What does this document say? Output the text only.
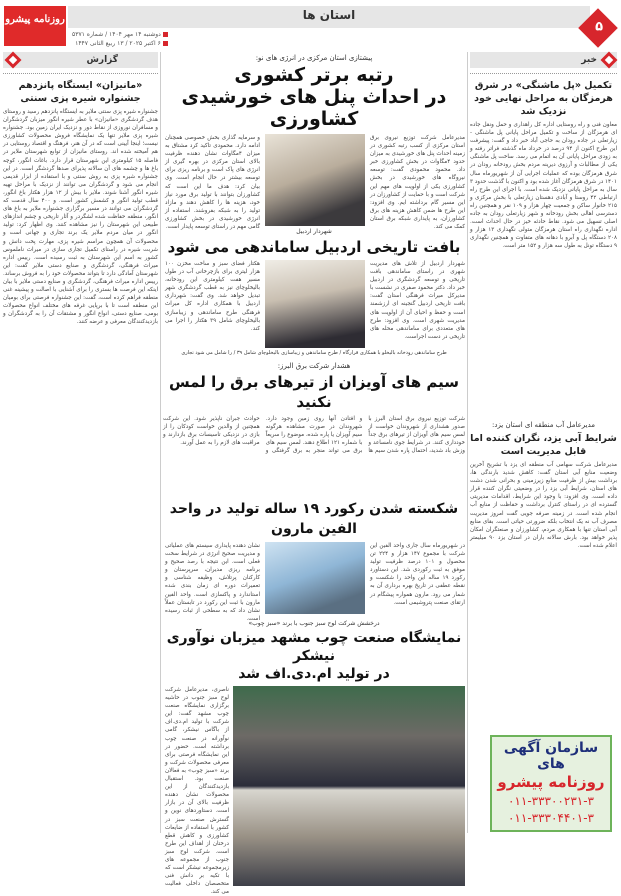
استان ها
۵
روزنامه پیشرو
دوشنبه ۱۴ مهر ۱۴۰۴ / شماره ۵۳۷۱
۶ اکتبر ۲۰۲۵ / ۱۳ ربیع الثانی ۱۴۴۷
خبر
تکمیل «پل ماشنگی» در شرق هرمزگان به مراحل نهایی خود نزدیک شد
معاون فنی و راه روستایی اداره کل راهداری و حمل ونقل جاده ای هرمزگان از ساخت و تکمیل مراحل پایانی پل ماشنگی - زیارتعلی در جاده رودان به حاجی آباد خبر داد و گفت: پیشرفت این طرح اکنون از ۹۴ درصد در خرداد ماه گذشته فراتر رفته و به زودی مراحل پایانی آن به اتمام می رسد. ساخت پل ماشنگی یکی از مطالبات و آرزوی دیرینه مردم بخش رودخانه رودان در شرق هرمزگان بوده که عملیات اجرایی آن از شهریورماه سال ۱۴۰۱ در شرق هرمزگان آغاز شده بود و اکنون با گذشت حدود ۳ سال به مراحل پایانی نزدیک شده است. با اجرای این طرح راه ارتباطی ۴۲ روستا و آبادی دهستان زیارتعلی با بخش مرکزی و ۲۱۵ خانوار ساکن و جمعیت چهار هزار و ۱۰۹ نفر و همچنین راه دسترسی اهالی بخش رودخانه و شهر زیارتعلی رودان به جاده اصلی تسهیل می شود. نقاط حادثه خیز در حال احداث است. اداره نگهداری راه استان هرمزگان متولی نگهداری ۱۳ هزار و ۲۰۸ دستگاه پل و آبرو با دهانه های متفاوت و همچنین نگهداری ۹ دستگاه تونل به طول سه هزار و ۱۵۲ متر است.
مدیرعامل آب منطقه ای استان یزد:
شرایط آبی یزد، نگران کننده اما قابل مدیریت است
مدیرعامل شرکت سهامی آب منطقه ای یزد با تشریح آخرین وضعیت منابع آبی استان گفت: کاهش شدید بارندگی ها، برداشت بیش از ظرفیت منابع زیرزمینی و بحرانی شدن دشت های استان، شرایط آبی یزد را در وضعیتی نگران کننده قرار داده است. وی افزود: با وجود این شرایط، اقدامات مدیریتی گسترده ای در راستای کنترل برداشت و حفاظت از منابع آب انجام شده است. در زمینه صرفه جویی گفت امروز مدیریت مصرف آب نه یک انتخاب بلکه ضرورتی حیاتی است. بقای منابع آبی استان تنها با همکاری مردم، کشاورزان و صنعتگران امکان پذیر خواهد بود. بارش سالانه باران در استان یزد ۹۰ میلیمتر اعلام شده است.
سازمان آگهی های
روزنامه پیشرو
۰۱۱-۳۳۳۰۰۲۳۱-۳
۰۱۱-۳۳۳۰۴۴۰۱-۳
گزارش
«مانیزان» ایستگاه پانزدهم جشنواره شیره پزی سنتی
جشنواره شیره پزی سنتی ملایر به ایستگاه پانزدهم رسید و روستای هدف گردشگری «مانیزان» با عطر شیره انگور میزبان گردشگران و مسافران نوروزی از نقاط دور و نزدیک ایران زمین بود. جشنواره شیره پزی ملایر تنها یک نمایشگاه فروش محصولات کشاورزی نیست؛ اینجا آیینی است که در آن هنر، فرهنگ و اقتصاد روستایی در هم آمیخته شده اند. روستای مانیزان از توابع شهرستان ملایر در فاصله ۱۵ کیلومتری این شهرستان قرار دارد. باغات انگور، کوچه باغ ها و چشمه های آن سالانه پذیرای صدها گردشگر است. در این جشنواره شیره پزی به روش سنتی و با استفاده از ابزار قدیمی انجام می شود و گردشگران می توانند از نزدیک با مراحل تهیه شیره انگور آشنا شوند. ملایر با بیش از ۱۲ هزار هکتار باغ انگور، قطب تولید انگور و کشمش کشور است. و ۴۰۰ سال قدمت که گردشگران می توانند در مسیر برگزاری جشنواره ملایر به باغ های انگور، منطقه حفاظت شده لشگردر و آثار تاریخی و چشم اندازهای طبیعی این شهرستان را نیز مشاهده کنند. وی اظهار کرد: تولید انگور در میان مردم ملایر یک برند تجاری و جهانی است و محصولات آن همچون مراسم شیره پزی، مهارت پخت دانش و شربت شیره در راستای تکمیل تجاری سازی در میراث ناملموس کشور به اسم این شهرستان به ثبت رسیده است. رییس اداره میراث فرهنگی، گردشگری و صنایع دستی ملایر گفت: این شهرستان آمادگی دارد تا بتواند محصولات خود را به فروش برساند. رییس اداره میراث فرهنگی، گردشگری و صنایع دستی ملایر با بیان اینکه این فرصت ها بستری را برای آشنایی با اصالت و پیشینه غنی منطقه فراهم کرده است، گفت: این جشنواره فرصتی برای بومیان این منطقه است تا با برپایی غرفه های مختلف انواع محصولات بومی، صنایع دستی، انواع انگور و مشتقات آن را به گردشگران و بازدیدکنندگان معرفی و عرضه کنند.
پیشتازی استان مرکزی در انرژی های نو:
رتبه برتر کشوری
در احداث پنل های خورشیدی کشاورزی
مدیرعامل شرکت توزیع نیروی برق استان مرکزی از کسب رتبه کشوری در زمینه احداث پنل های خورشیدی به میزان حدود ۴مگاوات در بخش کشاورزی خبر داد. محمود محمودی گفت: توسعه نیروگاه های خورشیدی در بخش کشاورزی یکی از اولویت های مهم این شرکت است و با حمایت از کشاورزان در این مسیر گام برداشته ایم. وی افزود: این طرح ها ضمن کاهش هزینه های برق کشاورزان، به پایداری شبکه برق استان کمک می کند.
و سرمایه گذاری بخش خصوصی همچنان ادامه دارد. محمودی تاکید کرد مشتاق به میزان ۴مگاوات نشان دهنده ظرفیت بالای استان مرکزی در بهره گیری از انرژی های پاک است و برنامه ریزی برای توسعه بیشتر در حال انجام است. وی بیان کرد: هدف ما این است که کشاورزان بتوانند با تولید برق مورد نیاز خود، هزینه ها را کاهش دهند و مازاد تولید را به شبکه بفروشند. استفاده از انرژی خورشیدی در بخش کشاورزی گامی مهم در راستای توسعه پایدار است.
شهردار اردبیل
بافت تاریخی اردبیل ساماندهی می شود
شهردار اردبیل از تلاش های مدیریت شهری در راستای ساماندهی بافت تاریخی و توسعه گردشگری در اردبیل خبر داد. دکتر محمود صفری در نشست با مدیرکل میراث فرهنگی استان گفت: بافت تاریخی اردبیل گنجینه ای ارزشمند است و حفظ و احیای آن از اولویت های مدیریت شهری است. وی افزود: طرح های متعددی برای ساماندهی محله های تاریخی در دست اجراست.
هکتار فضای سبز و ساخت مخزن ۱۰۰ هزار لیتری برای بازچرخانی آب در طول مسیر هفت کیلومتری این رودخانه، بالیخلوچای نیز به قطب گردشگری شهر تبدیل خواهد شد. وی گفت: شهرداری اردبیل با همکاری اداره کل میراث فرهنگی طرح ساماندهی و زیباسازی بالیخلوچای شامل ۳۹ هکتار را اجرا می کند.
طرح ساماندهی رودخانه بالیخلو با همکاری قرارگاه / طرح ساماندهی و زیباسازی بالیخلوچای شامل ۳۹ / را شامل می شود تجاری
هشدار شرکت برق البرز:
سیم های آویزان از تیرهای برق را لمس نکنید
شرکت توزیع نیروی برق استان البرز با صدور هشداری از شهروندان خواست از لمس سیم های آویزان از تیرهای برق جداً خودداری کنند. در شرایط جوی نامساعد و وزش باد شدید، احتمال پاره شدن سیم ها و افتادن آنها روی زمین وجود دارد. شهروندان در صورت مشاهده هرگونه سیم آویزان یا پاره شده، موضوع را سریعاً با شماره ۱۲۱ اطلاع دهند. لمس سیم های برق می تواند منجر به برق گرفتگی و حوادث جبران ناپذیر شود. این شرکت همچنین از والدین خواست کودکان را از بازی در نزدیکی تاسیسات برق بازدارند و مراقبت های لازم را به عمل آورند.
شکسته شدن رکورد ۱۹ ساله تولید در واحد الفین مارون
در شهریورماه سال جاری واحد الفین این شرکت با مجموع ۱۴۷ هزار و ۲۲۴ تن محصول و ۱۰۱ درصد ظرفیت تولید موفق به ثبت رکوردی شد. این دستاورد رکورد ۱۹ ساله این واحد را شکست و نقطه عطفی در تاریخ بهره برداری آن به شمار می رود. مارون همواره پیشگام در ارتقای صنعت پتروشیمی است.
نشان دهنده پایداری سیستم های عملیاتی و مدیریت صحیح انرژی در شرایط سخت فعلی است. این نتیجه با رصد صحیح و برنامه ریزی مدیران، سرپرستان و کارکنان پرتلاش، وظیفه شناسی و تعمیرات دوره ای زمان بندی شده استاندارد و پاکسازی است. واحد الفین مارون با ثبت این رکورد در تابستان عملاً نشان داد که به سطحی از ثبات رسیده است.
درخشش شرکت لوح سبز جنوب با برند «سبز چوب»
نمایشگاه صنعت چوب مشهد میزبان نوآوری نیشکر
در تولید ام.دی.اف شد
ناصری، مدیرعامل شرکت لوح سبز جنوب در حاشیه برگزاری نمایشگاه صنعت چوب مشهد گفت: این شرکت با تولید ام.دی.اف از باگاس نیشکر، گامی نوآورانه در صنعت چوب برداشته است. حضور در این نمایشگاه فرصتی برای معرفی محصولات شرکت و برند «سبز چوب» به فعالان صنعت بود. استقبال بازدیدکنندگان از این محصولات نشان دهنده ظرفیت بالای آن در بازار است. دستاوردهای نوین و گسترش صنعت سبز در کشور با استفاده از ضایعات کشاورزی و کاهش قطع درختان از اهداف این طرح است. شرکت لوح سبز جنوب از مجموعه های زیرمجموعه نیشکر است که با تکیه بر دانش فنی متخصصان داخلی فعالیت می کند.
